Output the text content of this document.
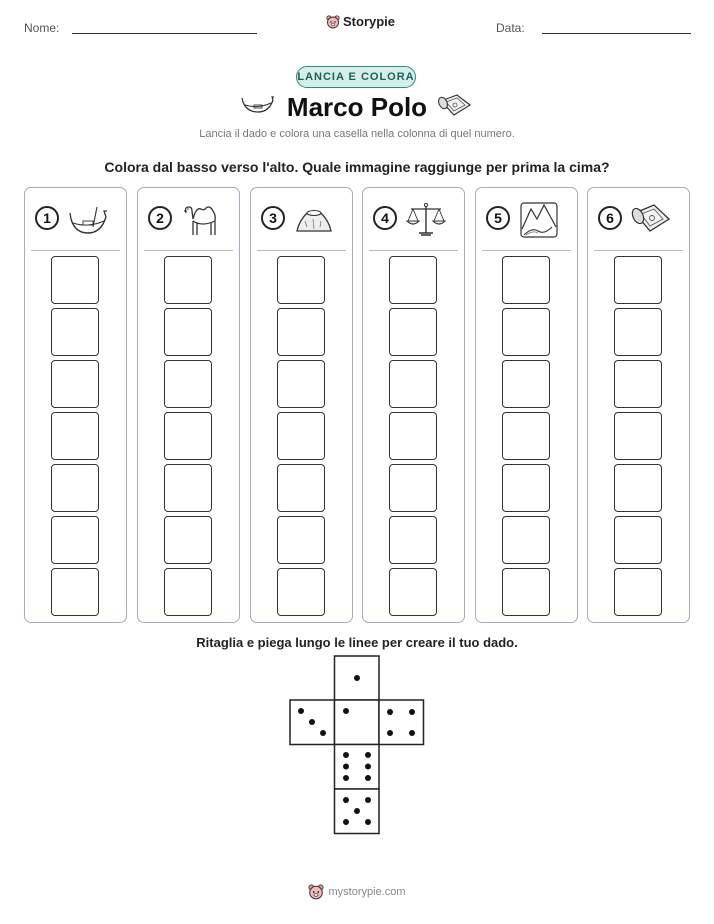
Nome:	Storypie	Data:
LANCIA E COLORA
Marco Polo
Lancia il dado e colora una casella nella colonna di quel numero.
Colora dal basso verso l'alto. Quale immagine raggiunge per prima la cima?
1	2	3	4	5	6
Ritaglia e piega lungo le linee per creare il tuo dado.
mystorypie.com
